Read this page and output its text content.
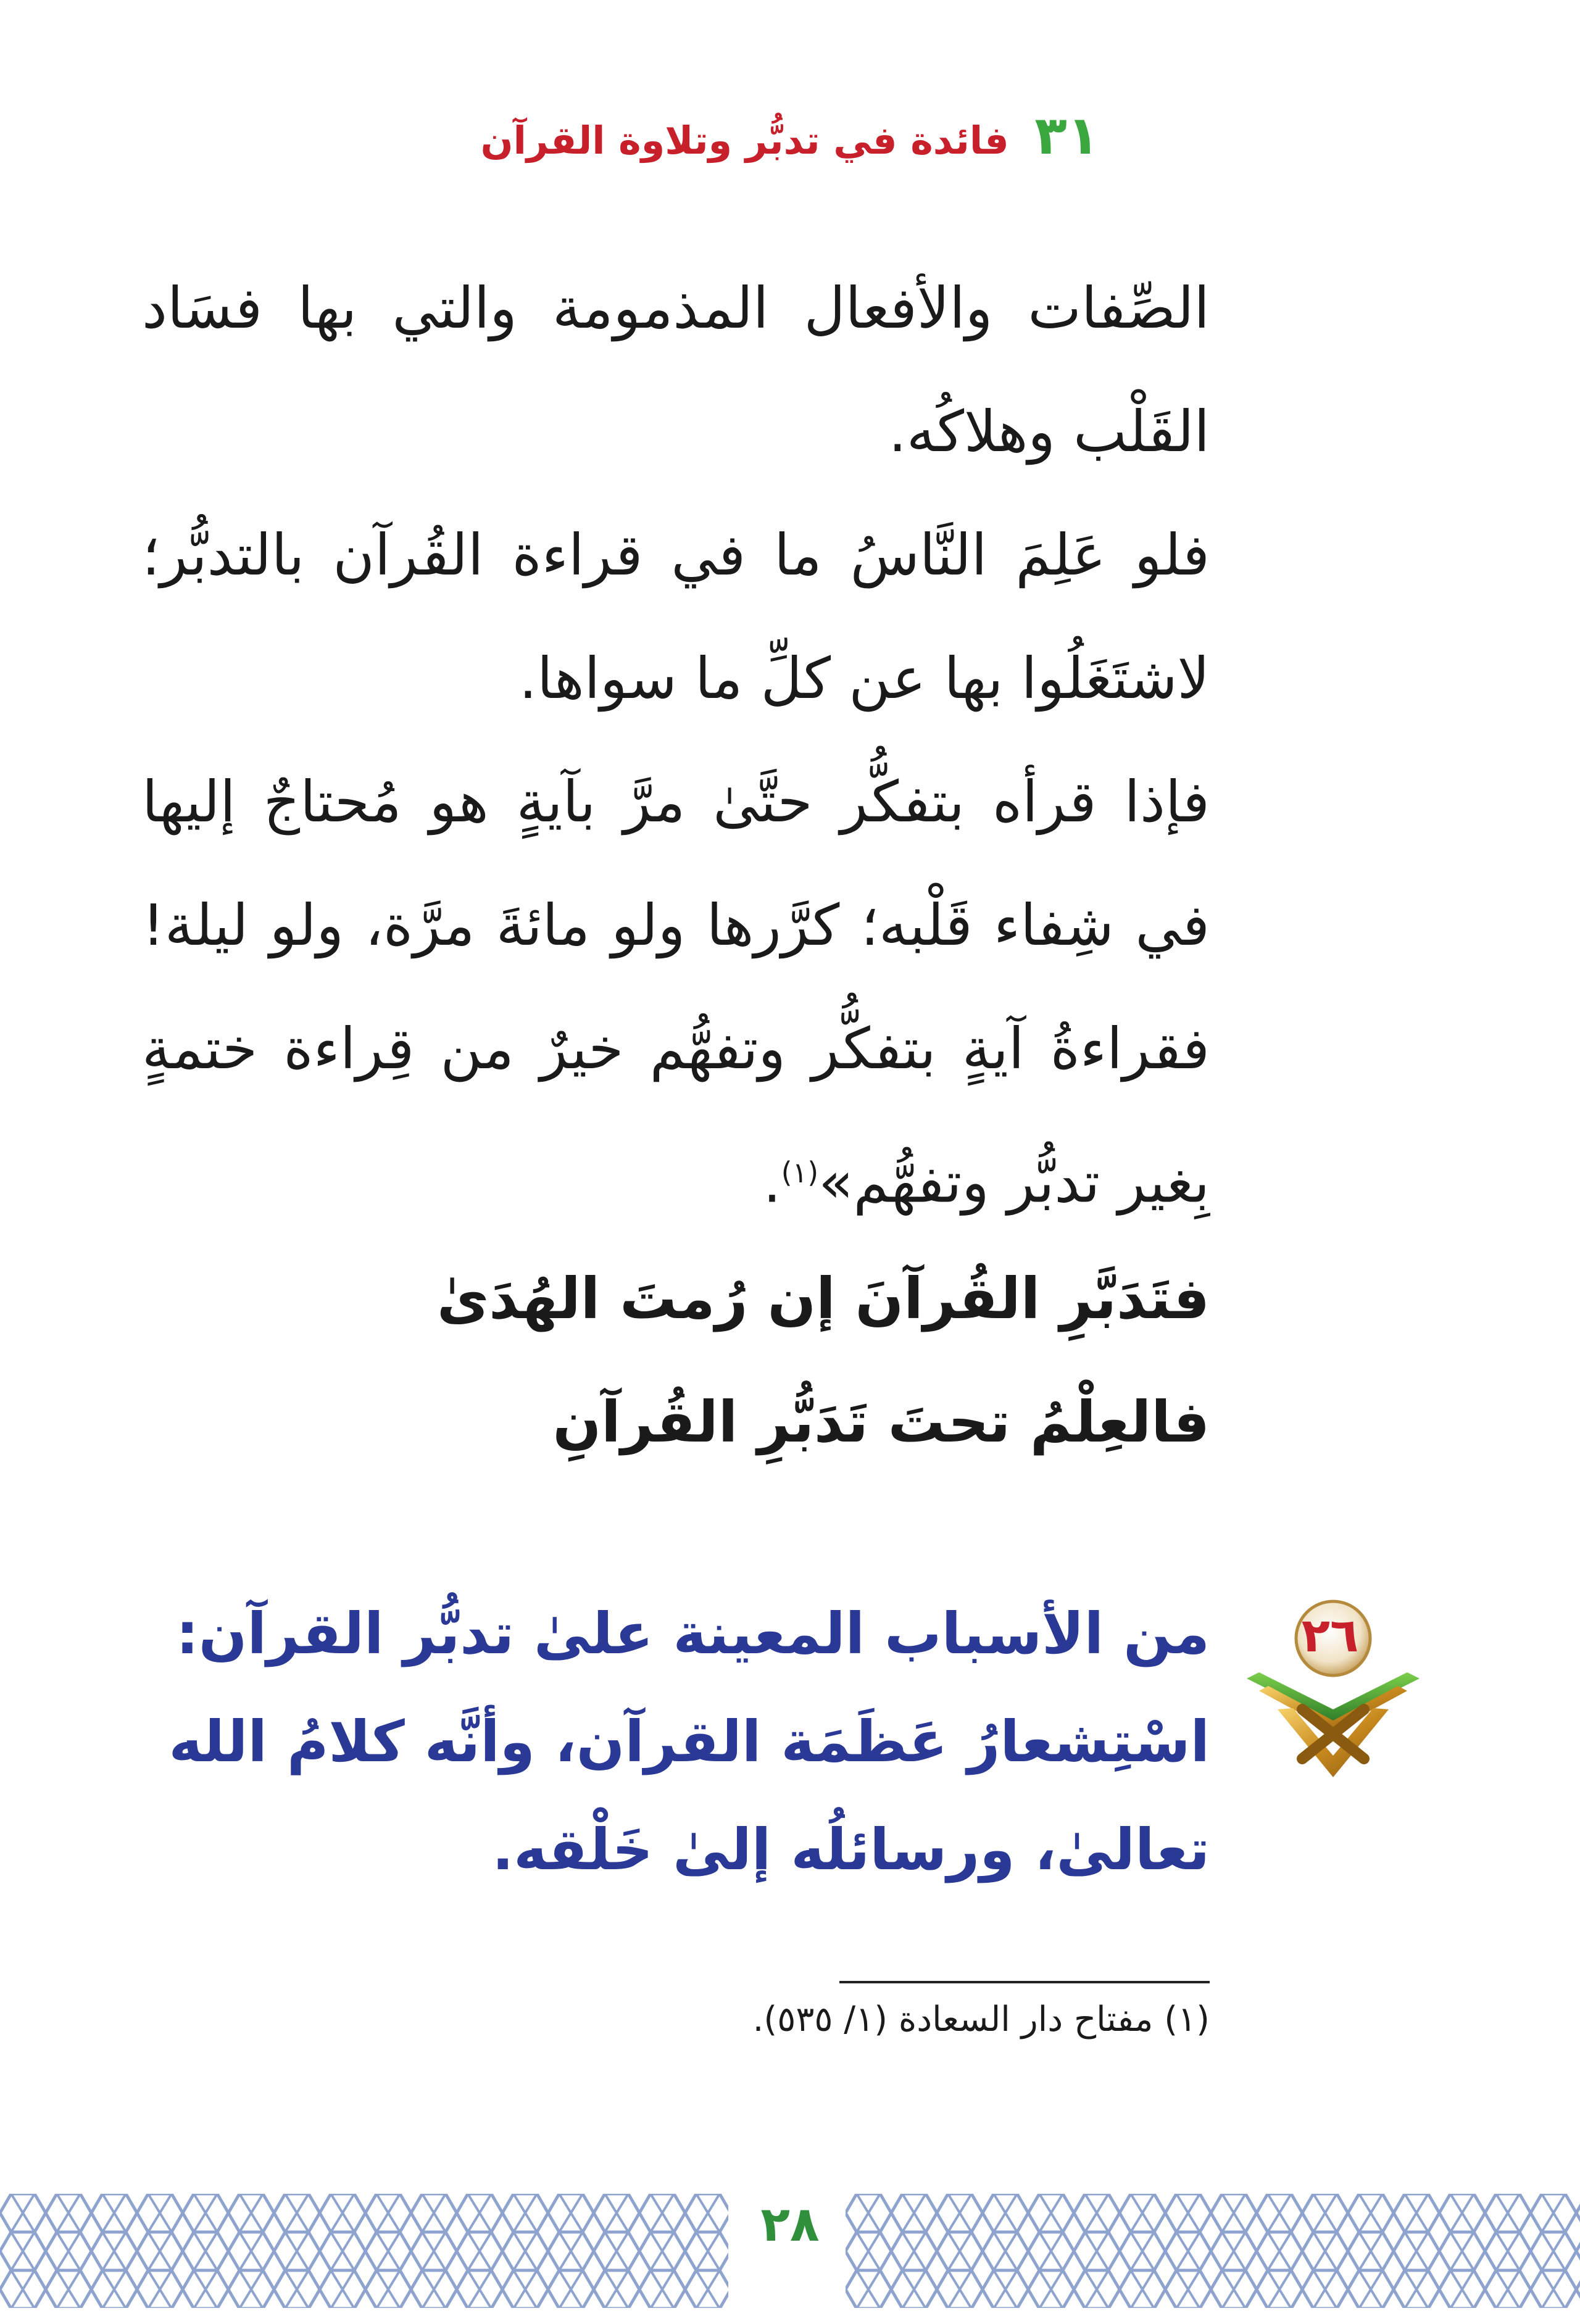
٣١ فائدة في تدبُّر وتلاوة القرآن

الصِّفات والأفعال المذمومة والتي بها فسَاد القَلْب وهلاكُه.

فلو عَلِمَ النَّاسُ ما في قراءة القُرآن بالتدبُّر؛ لاشتَغَلُوا بها عن كلِّ ما سواها.

فإذا قرأه بتفكُّر حتَّىٰ مرَّ بآيةٍ هو مُحتاجٌ إليها في شِفاء قَلْبه؛ كرَّرها ولو مائةَ مرَّة، ولو ليلة! فقراءةُ آيةٍ بتفكُّر وتفهُّم خيرٌ من قِراءة ختمةٍ بِغير تدبُّر وتفهُّم»$^{(١)}$.

فتَدَبَّرِ القُرآنَ إن رُمتَ الهُدَىٰ

فالعِلْمُ تحتَ تَدَبُّرِ القُرآنِ

٢٦

من الأسباب المعينة علىٰ تدبُّر القرآن:

اسْتِشعارُ عَظَمَة القرآن، وأنَّه كلامُ الله

تعالىٰ، ورسائلُه إلىٰ خَلْقه.

(١) مفتاح دار السعادة (١/ ٥٣٥).
٢٨
